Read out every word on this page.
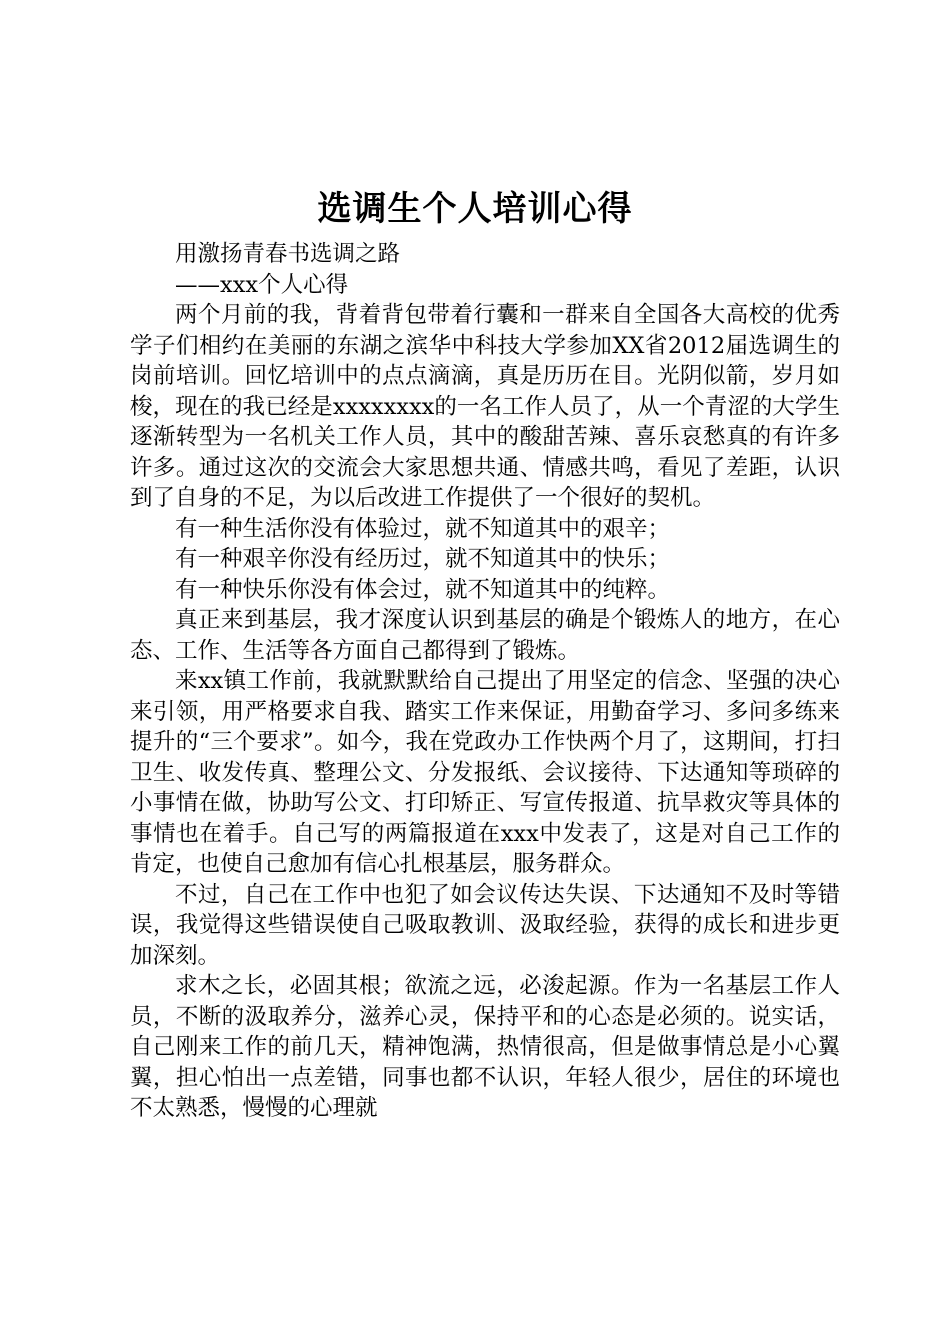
选调生个人培训心得

用激扬青春书选调之路

——xxx个人心得

两个月前的我，背着背包带着行囊和一群来自全国各大高校的优秀学子们相约在美丽的东湖之滨华中科技大学参加XX省2012届选调生的岗前培训。回忆培训中的点点滴滴，真是历历在目。光阴似箭，岁月如梭，现在的我已经是xxxxxxxx的一名工作人员了，从一个青涩的大学生逐渐转型为一名机关工作人员，其中的酸甜苦辣、喜乐哀愁真的有许多许多。通过这次的交流会大家思想共通、情感共鸣，看见了差距，认识到了自身的不足，为以后改进工作提供了一个很好的契机。

有一种生活你没有体验过，就不知道其中的艰辛；

有一种艰辛你没有经历过，就不知道其中的快乐；

有一种快乐你没有体会过，就不知道其中的纯粹。

真正来到基层，我才深度认识到基层的确是个锻炼人的地方，在心态、工作、生活等各方面自己都得到了锻炼。

来xx镇工作前，我就默默给自己提出了用坚定的信念、坚强的决心来引领，用严格要求自我、踏实工作来保证，用勤奋学习、多问多练来提升的“三个要求”。如今，我在党政办工作快两个月了，这期间，打扫卫生、收发传真、整理公文、分发报纸、会议接待、下达通知等琐碎的小事情在做，协助写公文、打印矫正、写宣传报道、抗旱救灾等具体的事情也在着手。自己写的两篇报道在xxx中发表了，这是对自己工作的肯定，也使自己愈加有信心扎根基层，服务群众。

不过，自己在工作中也犯了如会议传达失误、下达通知不及时等错误，我觉得这些错误使自己吸取教训、汲取经验，获得的成长和进步更加深刻。

求木之长，必固其根；欲流之远，必浚起源。作为一名基层工作人员，不断的汲取养分，滋养心灵，保持平和的心态是必须的。说实话，自己刚来工作的前几天，精神饱满，热情很高，但是做事情总是小心翼翼，担心怕出一点差错，同事也都不认识，年轻人很少，居住的环境也不太熟悉，慢慢的心理就
